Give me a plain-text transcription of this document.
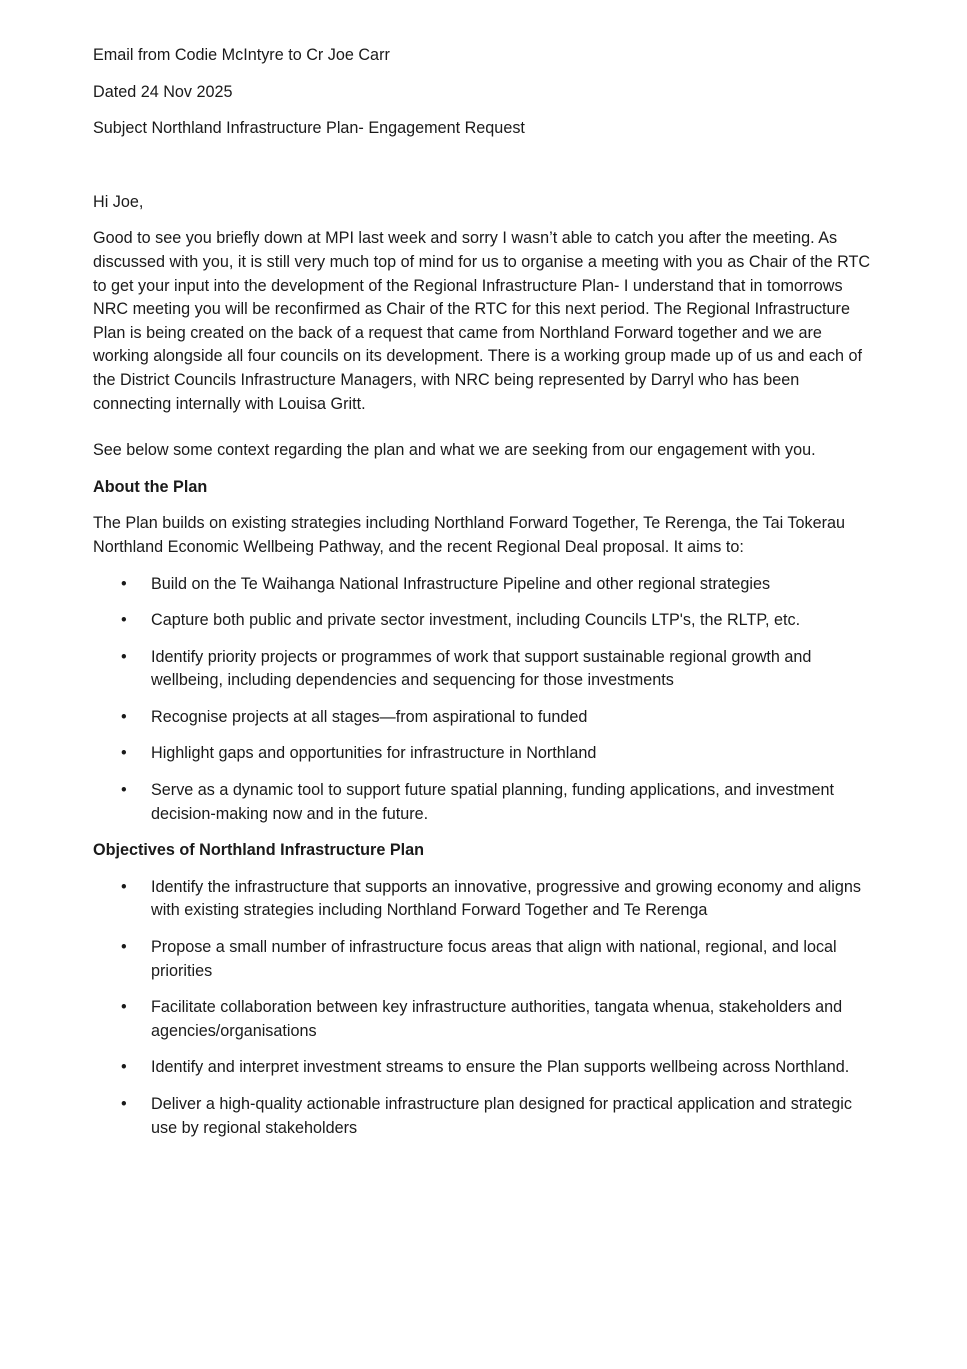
Email from Codie McIntyre to Cr Joe Carr
Dated 24 Nov 2025
Subject Northland Infrastructure Plan- Engagement Request

Hi Joe,

Good to see you briefly down at MPI last week and sorry I wasn’t able to catch you after the meeting. As discussed with you, it is still very much top of mind for us to organise a meeting with you as Chair of the RTC to get your input into the development of the Regional Infrastructure Plan- I understand that in tomorrows NRC meeting you will be reconfirmed as Chair of the RTC for this next period. The Regional Infrastructure Plan is being created on the back of a request that came from Northland Forward together and we are working alongside all four councils on its development. There is a working group made up of us and each of the District Councils Infrastructure Managers, with NRC being represented by Darryl who has been connecting internally with Louisa Gritt.

See below some context regarding the plan and what we are seeking from our engagement with you.

About the Plan

The Plan builds on existing strategies including Northland Forward Together, Te Rerenga, the Tai Tokerau Northland Economic Wellbeing Pathway, and the recent Regional Deal proposal. It aims to:

• Build on the Te Waihanga National Infrastructure Pipeline and other regional strategies
• Capture both public and private sector investment, including Councils LTP's, the RLTP, etc.
• Identify priority projects or programmes of work that support sustainable regional growth and wellbeing, including dependencies and sequencing for those investments
• Recognise projects at all stages—from aspirational to funded
• Highlight gaps and opportunities for infrastructure in Northland
• Serve as a dynamic tool to support future spatial planning, funding applications, and investment decision-making now and in the future.
Objectives of Northland Infrastructure Plan
• Identify the infrastructure that supports an innovative, progressive and growing economy and aligns with existing strategies including Northland Forward Together and Te Rerenga
• Propose a small number of infrastructure focus areas that align with national, regional, and local priorities
• Facilitate collaboration between key infrastructure authorities, tangata whenua, stakeholders and agencies/organisations
• Identify and interpret investment streams to ensure the Plan supports wellbeing across Northland.
• Deliver a high-quality actionable infrastructure plan designed for practical application and strategic use by regional stakeholders
